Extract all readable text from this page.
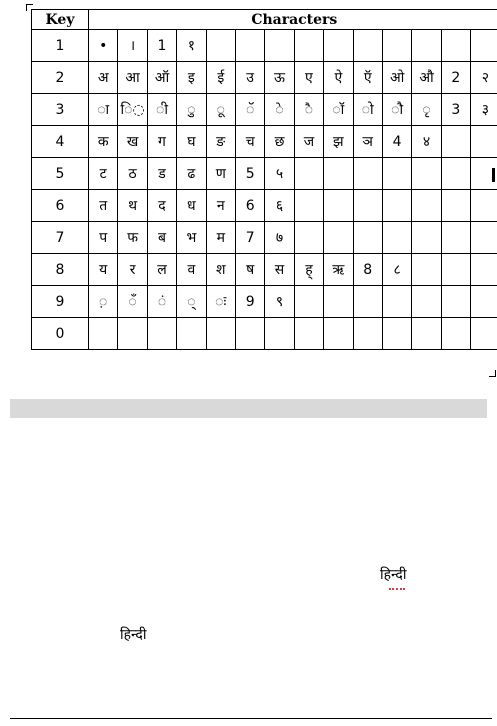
Key	Characters													
1	•	।	1	१										
2	अ	आ	ऑ	इ	ई	उ	ऊ	ए	ऐ	ऍ	ओ	औ	2	२
3	◌ा	ि◌	◌ी	◌ु	◌ू	◌ॅ	◌े	◌ै	◌ॉ	◌ो	◌ौ	◌ृ	3	३
4	क	ख	ग	घ	ङ	च	छ	ज	झ	ञ	4	४		
5	ट	ठ	ड	ढ	ण	5	५							
6	त	थ	द	ध	न	6	६							
7	प	फ	ब	भ	म	7	७							
8	य	र	ल	व	श	ष	स	ह्	ऋ	8	८			
9	◌़	◌ँ	◌ं	◌्	◌ः	9	९							
0														
हिन्दी
हिन्दी
